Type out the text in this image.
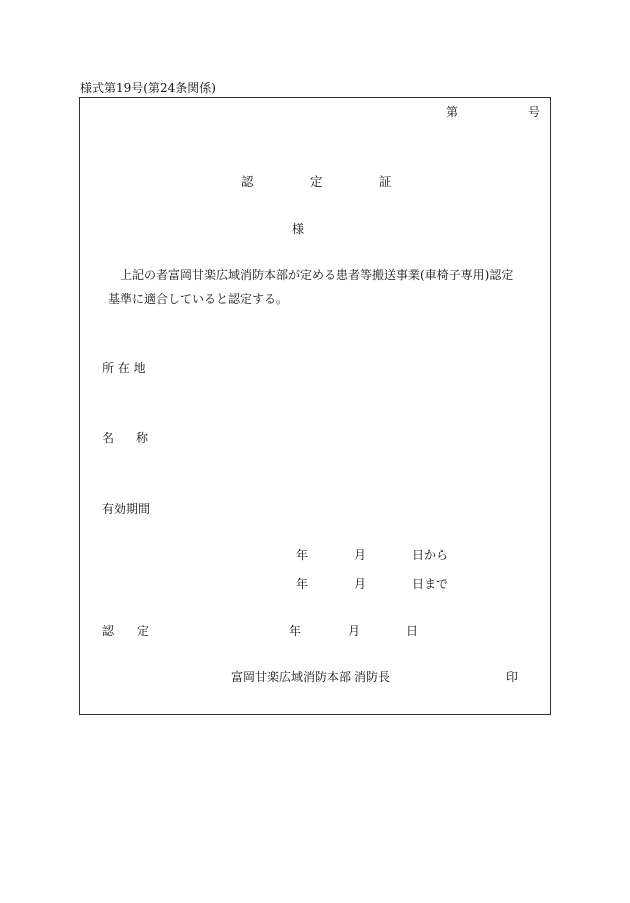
様式第19号(第24条関係)
第	号
認	定	証
様
上記の者富岡甘楽広域消防本部が定める患者等搬送事業(車椅子専用)認定
基準に適合していると認定する。
所 在 地
名 称
有効期間
年	月	日から
年	月	日まで
認 定	年	月	日
富岡甘楽広域消防本部 消防長	印
